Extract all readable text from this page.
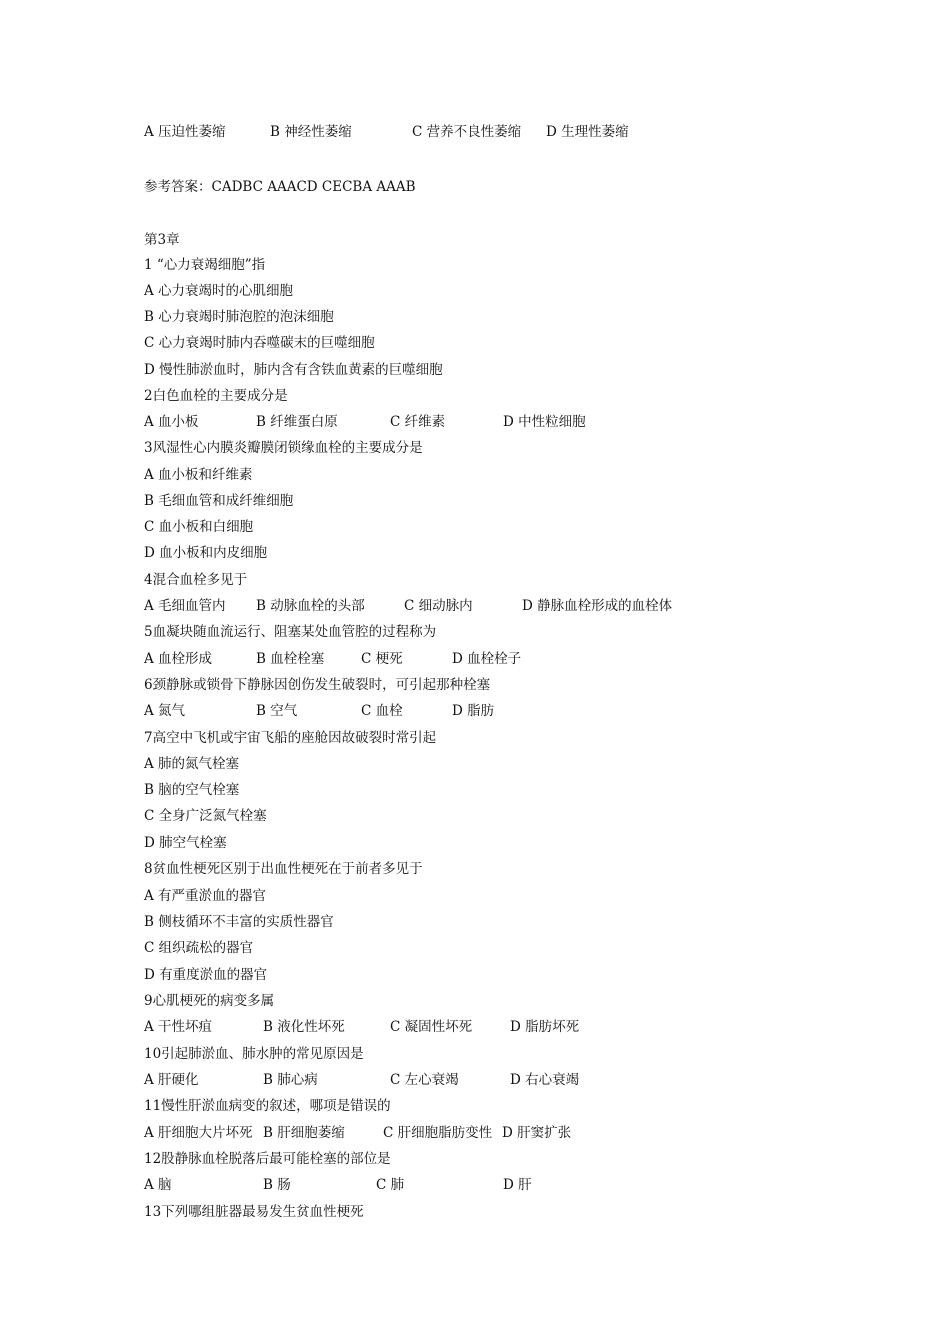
A 压迫性萎缩	B 神经性萎缩	C 营养不良性萎缩 D 生理性萎缩
参考答案：CADBC AAACD CECBA AAAB
第3章
1 “心力衰竭细胞”指
A 心力衰竭时的心肌细胞
B 心力衰竭时肺泡腔的泡沫细胞
C 心力衰竭时肺内吞噬碳末的巨噬细胞
D 慢性肺淤血时，肺内含有含铁血黄素的巨噬细胞
2白色血栓的主要成分是
A 血小板	B 纤维蛋白原	C 纤维素	D 中性粒细胞
3风湿性心内膜炎瓣膜闭锁缘血栓的主要成分是
A 血小板和纤维素
B 毛细血管和成纤维细胞
C 血小板和白细胞
D 血小板和内皮细胞
4混合血栓多见于
A 毛细血管内 B 动脉血栓的头部	C 细动脉内	D 静脉血栓形成的血栓体
5血凝块随血流运行、阻塞某处血管腔的过程称为
A 血栓形成	B 血栓栓塞	C 梗死	D 血栓栓子
6颈静脉或锁骨下静脉因创伤发生破裂时，可引起那种栓塞
A 氮气	B 空气	C 血栓	D 脂肪
7高空中飞机或宇宙飞船的座舱因故破裂时常引起
A 肺的氮气栓塞
B 脑的空气栓塞
C 全身广泛氮气栓塞
D 肺空气栓塞
8贫血性梗死区别于出血性梗死在于前者多见于
A 有严重淤血的器官
B 侧枝循环不丰富的实质性器官
C 组织疏松的器官
D 有重度淤血的器官
9心肌梗死的病变多属
A 干性坏疽	B 液化性坏死	C 凝固性坏死	D 脂肪坏死
10引起肺淤血、肺水肿的常见原因是
A 肝硬化	B 肺心病	C 左心衰竭	D 右心衰竭
11慢性肝淤血病变的叙述，哪项是错误的
A 肝细胞大片坏死 B 肝细胞萎缩	C 肝细胞脂肪变性 D 肝窦扩张
12股静脉血栓脱落后最可能栓塞的部位是
A 脑	B 肠	C 肺	D 肝
13下列哪组脏器最易发生贫血性梗死
